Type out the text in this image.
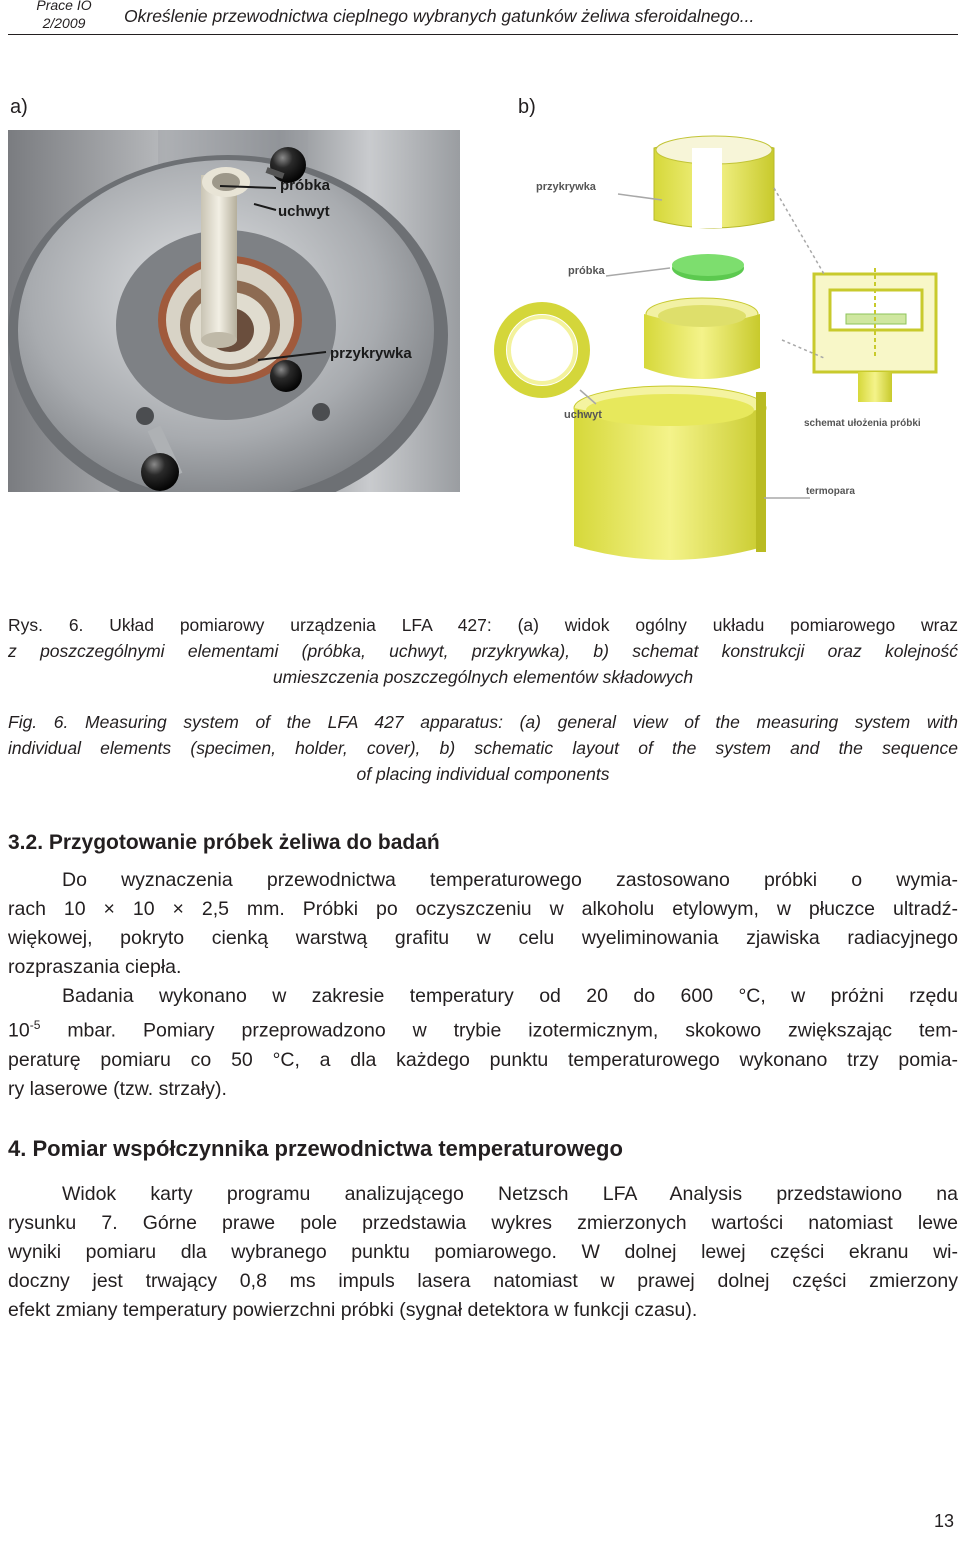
Prace IO
2/2009	Określenie przewodnictwa cieplnego wybranych gatunków żeliwa sferoidalnego...
a)	b)
próbka
uchwyt
przykrywka
przykrywka
próbka
uchwyt
schemat ułożenia próbki
termopara
Rys. 6. Układ pomiarowy urządzenia LFA 427: (a) widok ogólny układu pomiarowego wraz
z poszczególnymi elementami (próbka, uchwyt, przykrywka), b) schemat konstrukcji oraz kolejność
umieszczenia poszczególnych elementów składowych
Fig. 6. Measuring system of the LFA 427 apparatus: (a) general view of the measuring system with
individual elements (specimen, holder, cover), b) schematic layout of the system and the sequence
of placing individual components
3.2. Przygotowanie próbek żeliwa do badań
Do wyznaczenia przewodnictwa temperaturowego zastosowano próbki o wymia-
rach 10 × 10 × 2,5 mm. Próbki po oczyszczeniu w alkoholu etylowym, w płuczce ultradź-
więkowej, pokryto cienką warstwą grafitu w celu wyeliminowania zjawiska radiacyjnego
rozpraszania ciepła.
Badania wykonano w zakresie temperatury od 20 do 600 °C, w próżni rzędu
$10^{-5}$ mbar. Pomiary przeprowadzono w trybie izotermicznym, skokowo zwiększając tem-
peraturę pomiaru co 50 °C, a dla każdego punktu temperaturowego wykonano trzy pomia-
ry laserowe (tzw. strzały).
4. Pomiar współczynnika przewodnictwa temperaturowego
Widok karty programu analizującego Netzsch LFA Analysis przedstawiono na
rysunku 7. Górne prawe pole przedstawia wykres zmierzonych wartości natomiast lewe
wyniki pomiaru dla wybranego punktu pomiarowego. W dolnej lewej części ekranu wi-
doczny jest trwający 0,8 ms impuls lasera natomiast w prawej dolnej części zmierzony
efekt zmiany temperatury powierzchni próbki (sygnał detektora w funkcji czasu).
13
